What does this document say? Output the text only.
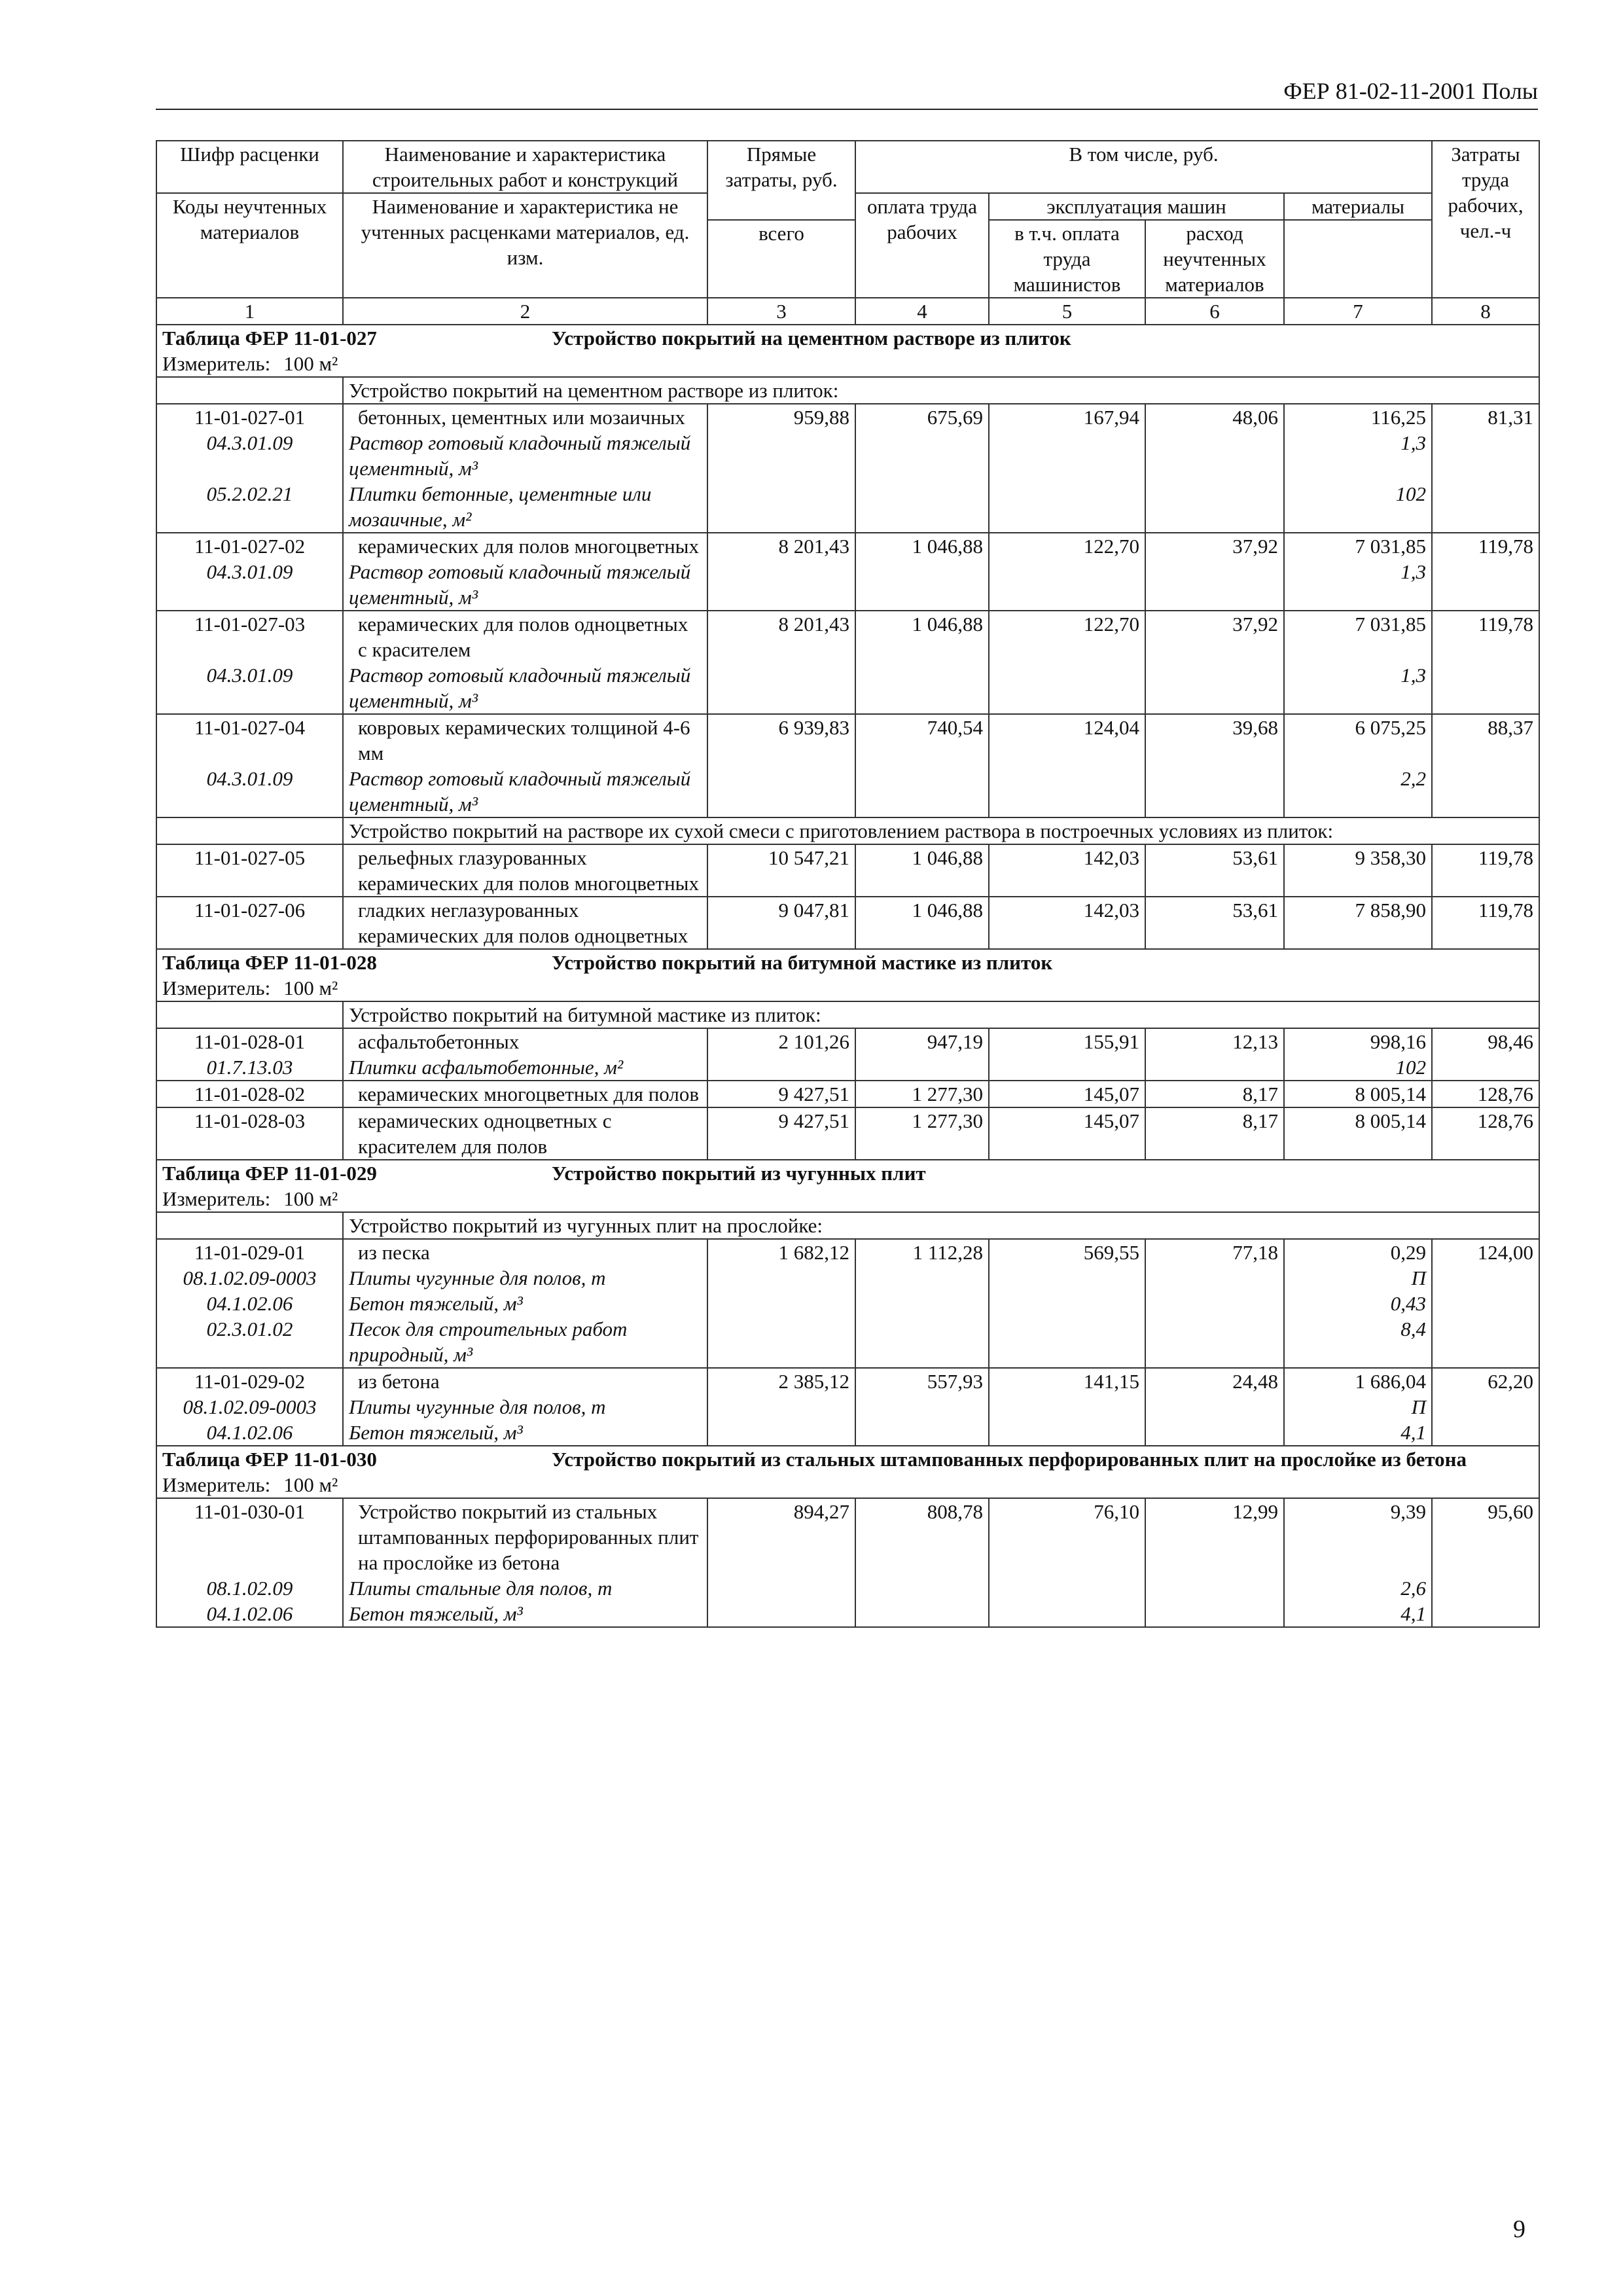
ФЕР 81-02-11-2001 Полы
Шифр расценки	Наименование и характеристика строительных работ и конструкций	Прямые затраты, руб.	В том числе, руб.				Затраты труда рабочих, чел.-ч
Коды неучтенных материалов	Наименование и характеристика не учтенных расценками материалов, ед. изм.						
			оплата труда рабочих	эксплуатация машин		материалы	
		всего		в т.ч. оплата труда машинистов	расход неучтенных материалов		
1	2	3	4	5	6	7	8

Таблица ФЕР 11-01-027 Устройство покрытий на цементном растворе из плиток							

Измеритель: 100 м²							
	Устройство покрытий на цементном растворе из плиток:						
11-01-027-01	бетонных, цементных или мозаичных	959,88	675,69	167,94	48,06	116,25	81,31
04.3.01.09	Раствор готовый кладочный тяжелый цементный, м³					1,3	
05.2.02.21	Плитки бетонные, цементные или мозаичные, м²					102	
11-01-027-02	керамических для полов многоцветных	8 201,43	1 046,88	122,70	37,92	7 031,85	119,78
04.3.01.09	Раствор готовый кладочный тяжелый цементный, м³					1,3	
11-01-027-03	керамических для полов одноцветных с красителем	8 201,43	1 046,88	122,70	37,92	7 031,85	119,78
04.3.01.09	Раствор готовый кладочный тяжелый цементный, м³					1,3	
11-01-027-04	ковровых керамических толщиной 4-6 мм	6 939,83	740,54	124,04	39,68	6 075,25	88,37
04.3.01.09	Раствор готовый кладочный тяжелый цементный, м³					2,2	
	Устройство покрытий на растворе их сухой смеси с приготовлением раствора в построечных условиях из плиток:						
11-01-027-05	рельефных глазурованных керамических для полов многоцветных	10 547,21	1 046,88	142,03	53,61	9 358,30	119,78
11-01-027-06	гладких неглазурованных керамических для полов одноцветных	9 047,81	1 046,88	142,03	53,61	7 858,90	119,78

Таблица ФЕР 11-01-028 Устройство покрытий на битумной мастике из плиток							

Измеритель: 100 м²							
	Устройство покрытий на битумной мастике из плиток:						
11-01-028-01	асфальтобетонных	2 101,26	947,19	155,91	12,13	998,16	98,46
01.7.13.03	Плитки асфальтобетонные, м²					102	
11-01-028-02	керамических многоцветных для полов	9 427,51	1 277,30	145,07	8,17	8 005,14	128,76
11-01-028-03	керамических одноцветных с красителем для полов	9 427,51	1 277,30	145,07	8,17	8 005,14	128,76

Таблица ФЕР 11-01-029 Устройство покрытий из чугунных плит							

Измеритель: 100 м²							
	Устройство покрытий из чугунных плит на прослойке:						
11-01-029-01	из песка	1 682,12	1 112,28	569,55	77,18	0,29	124,00
08.1.02.09-0003	Плиты чугунные для полов, т					П	
04.1.02.06	Бетон тяжелый, м³					0,43	
02.3.01.02	Песок для строительных работ природный, м³					8,4	
11-01-029-02	из бетона	2 385,12	557,93	141,15	24,48	1 686,04	62,20
08.1.02.09-0003	Плиты чугунные для полов, т					П	
04.1.02.06	Бетон тяжелый, м³					4,1	

Таблица ФЕР 11-01-030 Устройство покрытий из стальных штампованных перфорированных плит на прослойке из бетона							

Измеритель: 100 м²							
11-01-030-01	Устройство покрытий из стальных штампованных перфорированных плит на прослойке из бетона	894,27	808,78	76,10	12,99	9,39	95,60
08.1.02.09	Плиты стальные для полов, т					2,6	
04.1.02.06	Бетон тяжелый, м³					4,1	
9
